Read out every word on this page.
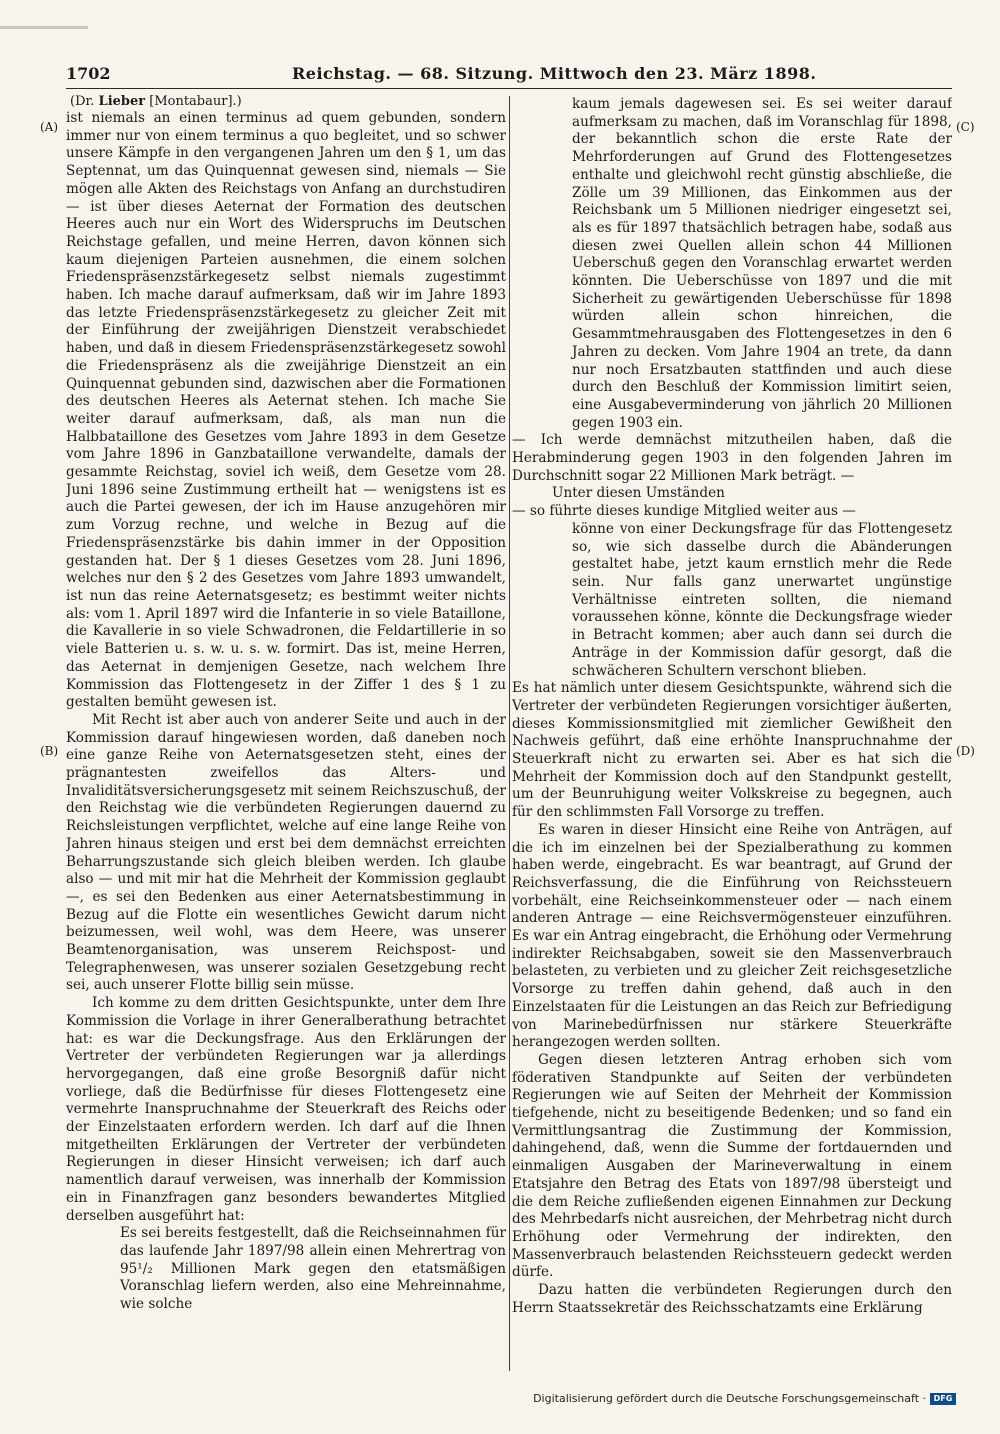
1702	Reichstag. — 68. Sitzung. Mittwoch den 23. März 1898.
(Dr. Lieber [Montabaur].)
(A)
(B)
(C)
(D)

ist niemals an einen terminus ad quem gebunden, sondern immer nur von einem terminus a quo begleitet, und so schwer unsere Kämpfe in den vergangenen Jahren um den § 1, um das Septennat, um das Quinquennat gewesen sind, niemals — Sie mögen alle Akten des Reichstags von Anfang an durchstudiren — ist über dieses Aeternat der Formation des deutschen Heeres auch nur ein Wort des Widerspruchs im Deutschen Reichstage gefallen, und meine Herren, davon können sich kaum diejenigen Parteien ausnehmen, die einem solchen Friedenspräsenzstärkegesetz selbst niemals zugestimmt haben. Ich mache darauf aufmerksam, daß wir im Jahre 1893 das letzte Friedenspräsenzstärkegesetz zu gleicher Zeit mit der Einführung der zweijährigen Dienstzeit verabschiedet haben, und daß in diesem Friedenspräsenzstärkegesetz sowohl die Friedenspräsenz als die zweijährige Dienstzeit an ein Quinquennat gebunden sind, dazwischen aber die Formationen des deutschen Heeres als Aeternat stehen. Ich mache Sie weiter darauf aufmerksam, daß, als man nun die Halbbataillone des Gesetzes vom Jahre 1893 in dem Gesetze vom Jahre 1896 in Ganzbataillone verwandelte, damals der gesammte Reichstag, soviel ich weiß, dem Gesetze vom 28. Juni 1896 seine Zustimmung ertheilt hat — wenigstens ist es auch die Partei gewesen, der ich im Hause anzugehören mir zum Vorzug rechne, und welche in Bezug auf die Friedenspräsenzstärke bis dahin immer in der Opposition gestanden hat. Der § 1 dieses Gesetzes vom 28. Juni 1896, welches nur den § 2 des Gesetzes vom Jahre 1893 umwandelt, ist nun das reine Aeternatsgesetz; es bestimmt weiter nichts als: vom 1. April 1897 wird die Infanterie in so viele Bataillone, die Kavallerie in so viele Schwadronen, die Feldartillerie in so viele Batterien u. s. w. u. s. w. formirt. Das ist, meine Herren, das Aeternat in demjenigen Gesetze, nach welchem Ihre Kommission das Flottengesetz in der Ziffer 1 des § 1 zu gestalten bemüht gewesen ist.

Mit Recht ist aber auch von anderer Seite und auch in der Kommission darauf hingewiesen worden, daß daneben noch eine ganze Reihe von Aeternatsgesetzen steht, eines der prägnantesten zweifellos das Alters- und Invaliditätsversicherungsgesetz mit seinem Reichszuschuß, der den Reichstag wie die verbündeten Regierungen dauernd zu Reichsleistungen verpflichtet, welche auf eine lange Reihe von Jahren hinaus steigen und erst bei dem demnächst erreichten Beharrungszustande sich gleich bleiben werden. Ich glaube also — und mit mir hat die Mehrheit der Kommission geglaubt —, es sei den Bedenken aus einer Aeternatsbestimmung in Bezug auf die Flotte ein wesentliches Gewicht darum nicht beizumessen, weil wohl, was dem Heere, was unserer Beamtenorganisation, was unserem Reichspost- und Telegraphenwesen, was unserer sozialen Gesetzgebung recht sei, auch unserer Flotte billig sein müsse.

Ich komme zu dem dritten Gesichtspunkte, unter dem Ihre Kommission die Vorlage in ihrer Generalberathung betrachtet hat: es war die Deckungsfrage. Aus den Erklärungen der Vertreter der verbündeten Regierungen war ja allerdings hervorgegangen, daß eine große Besorgniß dafür nicht vorliege, daß die Bedürfnisse für dieses Flottengesetz eine vermehrte Inanspruchnahme der Steuerkraft des Reichs oder der Einzelstaaten erfordern werden. Ich darf auf die Ihnen mitgetheilten Erklärungen der Vertreter der verbündeten Regierungen in dieser Hinsicht verweisen; ich darf auch namentlich darauf verweisen, was innerhalb der Kommission ein in Finanzfragen ganz besonders bewandertes Mitglied derselben ausgeführt hat:

Es sei bereits festgestellt, daß die Reichseinnahmen für das laufende Jahr 1897/98 allein einen Mehrertrag von 95¹/₂ Millionen Mark gegen den etatsmäßigen Voranschlag liefern werden, also eine Mehreinnahme, wie solche

kaum jemals dagewesen sei. Es sei weiter darauf aufmerksam zu machen, daß im Voranschlag für 1898, der bekanntlich schon die erste Rate der Mehrforderungen auf Grund des Flottengesetzes enthalte und gleichwohl recht günstig abschließe, die Zölle um 39 Millionen, das Einkommen aus der Reichsbank um 5 Millionen niedriger eingesetzt sei, als es für 1897 thatsächlich betragen habe, sodaß aus diesen zwei Quellen allein schon 44 Millionen Ueberschuß gegen den Voranschlag erwartet werden könnten. Die Ueberschüsse von 1897 und die mit Sicherheit zu gewärtigenden Ueberschüsse für 1898 würden allein schon hinreichen, die Gesammtmehrausgaben des Flottengesetzes in den 6 Jahren zu decken. Vom Jahre 1904 an trete, da dann nur noch Ersatzbauten stattfinden und auch diese durch den Beschluß der Kommission limitirt seien, eine Ausgabeverminderung von jährlich 20 Millionen gegen 1903 ein.

— Ich werde demnächst mitzutheilen haben, daß die Herabminderung gegen 1903 in den folgenden Jahren im Durchschnitt sogar 22 Millionen Mark beträgt. —

Unter diesen Umständen

— so führte dieses kundige Mitglied weiter aus —

könne von einer Deckungsfrage für das Flottengesetz so, wie sich dasselbe durch die Abänderungen gestaltet habe, jetzt kaum ernstlich mehr die Rede sein. Nur falls ganz unerwartet ungünstige Verhältnisse eintreten sollten, die niemand voraussehen könne, könnte die Deckungsfrage wieder in Betracht kommen; aber auch dann sei durch die Anträge in der Kommission dafür gesorgt, daß die schwächeren Schultern verschont blieben.

Es hat nämlich unter diesem Gesichtspunkte, während sich die Vertreter der verbündeten Regierungen vorsichtiger äußerten, dieses Kommissionsmitglied mit ziemlicher Gewißheit den Nachweis geführt, daß eine erhöhte Inanspruchnahme der Steuerkraft nicht zu erwarten sei. Aber es hat sich die Mehrheit der Kommission doch auf den Standpunkt gestellt, um der Beunruhigung weiter Volkskreise zu begegnen, auch für den schlimmsten Fall Vorsorge zu treffen.

Es waren in dieser Hinsicht eine Reihe von Anträgen, auf die ich im einzelnen bei der Spezialberathung zu kommen haben werde, eingebracht. Es war beantragt, auf Grund der Reichsverfassung, die die Einführung von Reichssteuern vorbehält, eine Reichseinkommensteuer oder — nach einem anderen Antrage — eine Reichsvermögensteuer einzuführen. Es war ein Antrag eingebracht, die Erhöhung oder Vermehrung indirekter Reichsabgaben, soweit sie den Massenverbrauch belasteten, zu verbieten und zu gleicher Zeit reichsgesetzliche Vorsorge zu treffen dahin gehend, daß auch in den Einzelstaaten für die Leistungen an das Reich zur Befriedigung von Marinebedürfnissen nur stärkere Steuerkräfte herangezogen werden sollten.

Gegen diesen letzteren Antrag erhoben sich vom föderativen Standpunkte auf Seiten der verbündeten Regierungen wie auf Seiten der Mehrheit der Kommission tiefgehende, nicht zu beseitigende Bedenken; und so fand ein Vermittlungsantrag die Zustimmung der Kommission, dahingehend, daß, wenn die Summe der fortdauernden und einmaligen Ausgaben der Marineverwaltung in einem Etatsjahre den Betrag des Etats von 1897/98 übersteigt und die dem Reiche zufließenden eigenen Einnahmen zur Deckung des Mehrbedarfs nicht ausreichen, der Mehrbetrag nicht durch Erhöhung oder Vermehrung der indirekten, den Massenverbrauch belastenden Reichssteuern gedeckt werden dürfe.

Dazu hatten die verbündeten Regierungen durch den Herrn Staatssekretär des Reichsschatzamts eine Erklärung

Digitalisierung gefördert durch die Deutsche Forschungsgemeinschaft · DFG
